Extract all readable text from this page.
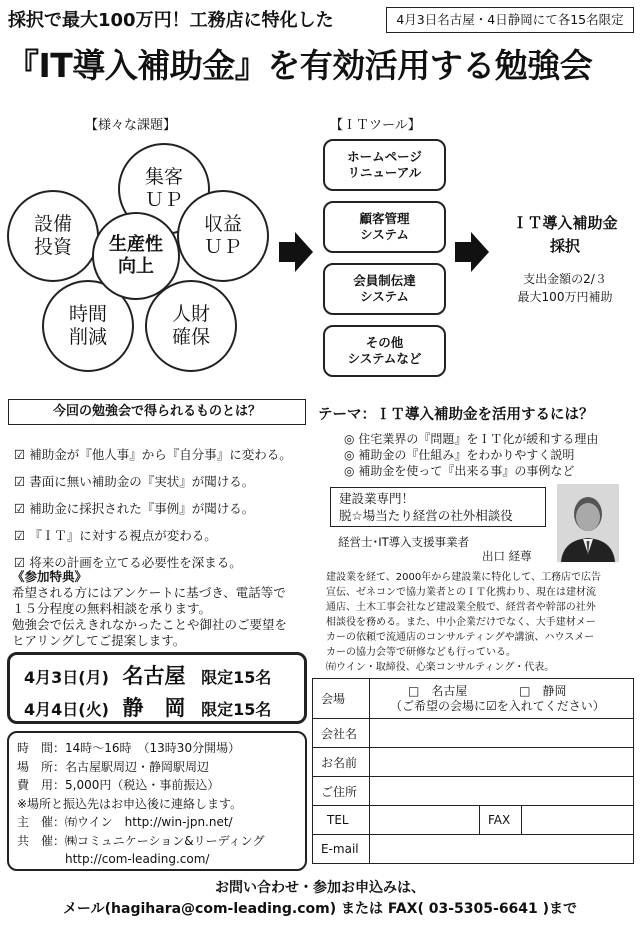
採択で最大100万円！工務店に特化した	4月3日名古屋・4日静岡にて各15名限定
『IT導入補助金』を有効活用する勉強会
【様々な課題】
集客
ＵＰ
収益
ＵＰ
人財
確保
時間
削減
設備
投資 生産性
向上
【ＩＴツール】
ホームページ
リニューアル
顧客管理
システム
会員制伝達
システム
その他
システムなど
ＩＴ導入補助金
採択
支出金額の2/３
最大100万円補助
今回の勉強会で得られるものとは？
☑ 補助金が『他人事』から『自分事』に変わる。
☑ 書面に無い補助金の『実状』が聞ける。
☑ 補助金に採択された『事例』が聞ける。
☑ 『ＩＴ』に対する視点が変わる。
☑ 将来の計画を立てる必要性を深まる。
《参加特典》
希望される方にはアンケートに基づき、電話等で
１５分程度の無料相談を承ります。
勉強会で伝えきれなかったことや御社のご要望を
ヒアリングしてご提案します。
4月3日(月) 名古屋 限定15名
4月4日(火) 静　岡 限定15名
時　間：14時〜16時　（13時30分開場）
場　所：名古屋駅周辺・静岡駅周辺
費　用：5,000円（税込・事前振込）
※場所と振込先はお申込後に連絡します。
主　催：㈲ウイン　http://win-jpn.net/
共　催：㈱コミュニケーション&リーディング
　　　　http://com-leading.com/
テーマ：ＩＴ導入補助金を活用するには？
◎ 住宅業界の『問題』をＩＴ化が緩和する理由
◎ 補助金の『仕組み』をわかりやすく説明
◎ 補助金を使って『出来る事』の事例など
建設業専門！
脱☆場当たり経営の社外相談役
経営士･IT導入支援事業者
出口 経尊
建設業を経て、2000年から建設業に特化して、工務店で広告
宣伝、ゼネコンで協力業者とのＩＴ化携わり、現在は建材流
通店、土木工事会社など建設業全般で、経営者や幹部の社外
相談役を務める。また、中小企業だけでなく、大手建材メー
カーの依頼で流通店のコンサルティングや講演、ハウスメー
カーの協力会等で研修なども行っている。
㈲ウイン・取締役、心楽コンサルティング・代表。
会場	□　名古屋 □　静岡
（ご希望の会場に☑を入れてください）		

会社名			
お名前			
ご住所			
TEL		FAX	
E-mail			
お問い合わせ・参加お申込みは、
メール(hagihara@com-leading.com) または FAX( 03-5305-6641 )まで
